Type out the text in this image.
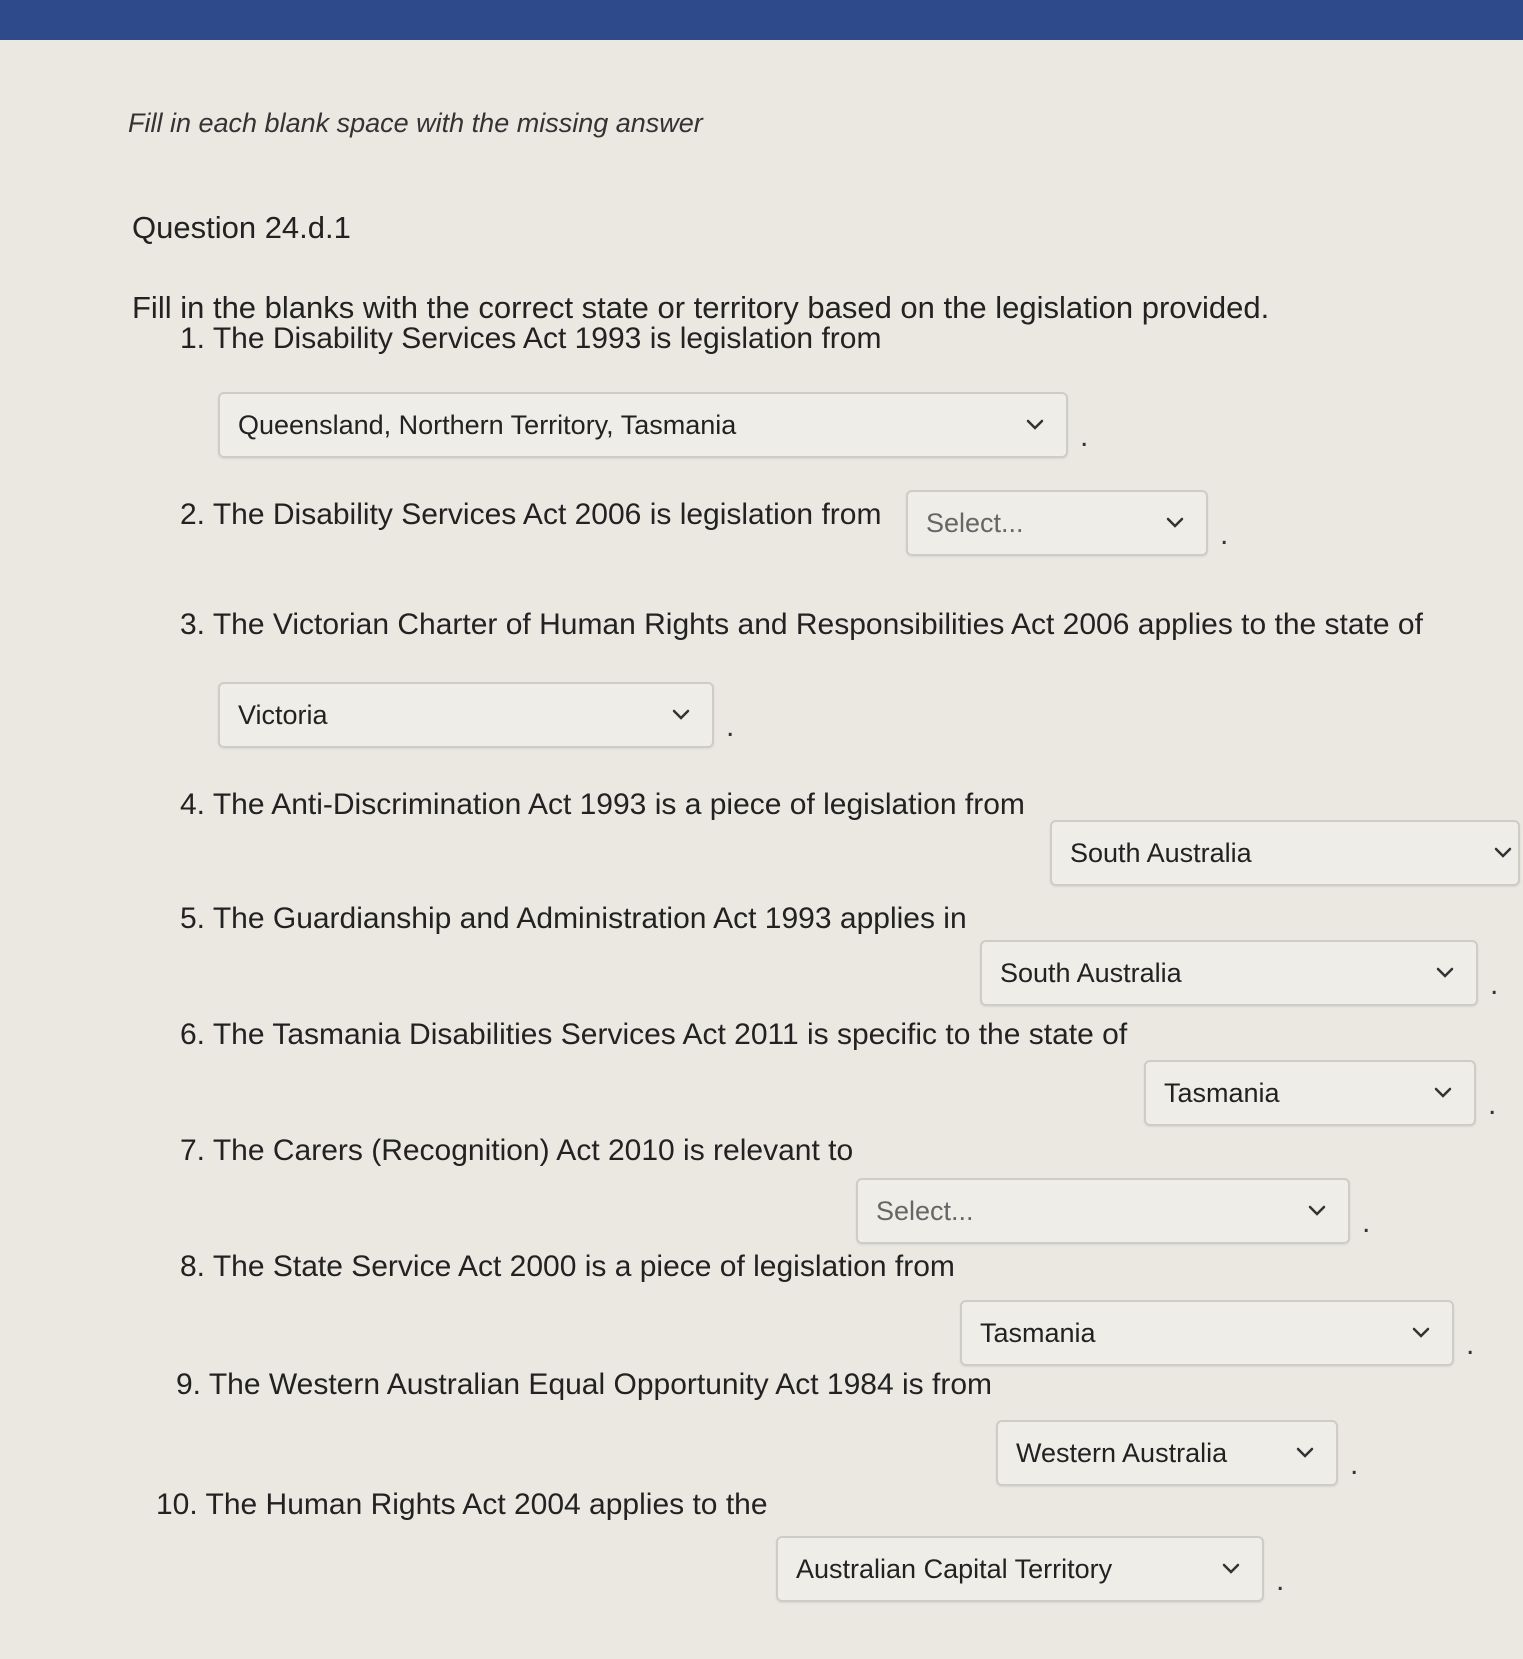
Fill in each blank space with the missing answer
Question 24.d.1
Fill in the blanks with the correct state or territory based on the legislation provided.
1. The Disability Services Act 1993 is legislation from
Queensland, Northern Territory, Tasmania	.
2. The Disability Services Act 2006 is legislation from Select...	.
3. The Victorian Charter of Human Rights and Responsibilities Act 2006 applies to the state of
Victoria	.
4. The Anti-Discrimination Act 1993 is a piece of legislation from
South Australia
5. The Guardianship and Administration Act 1993 applies in
South Australia	.
6. The Tasmania Disabilities Services Act 2011 is specific to the state of
Tasmania	.
7. The Carers (Recognition) Act 2010 is relevant to
Select...	.
8. The State Service Act 2000 is a piece of legislation from
Tasmania	.
9. The Western Australian Equal Opportunity Act 1984 is from
Western Australia	.
10. The Human Rights Act 2004 applies to the
Australian Capital Territory	.
